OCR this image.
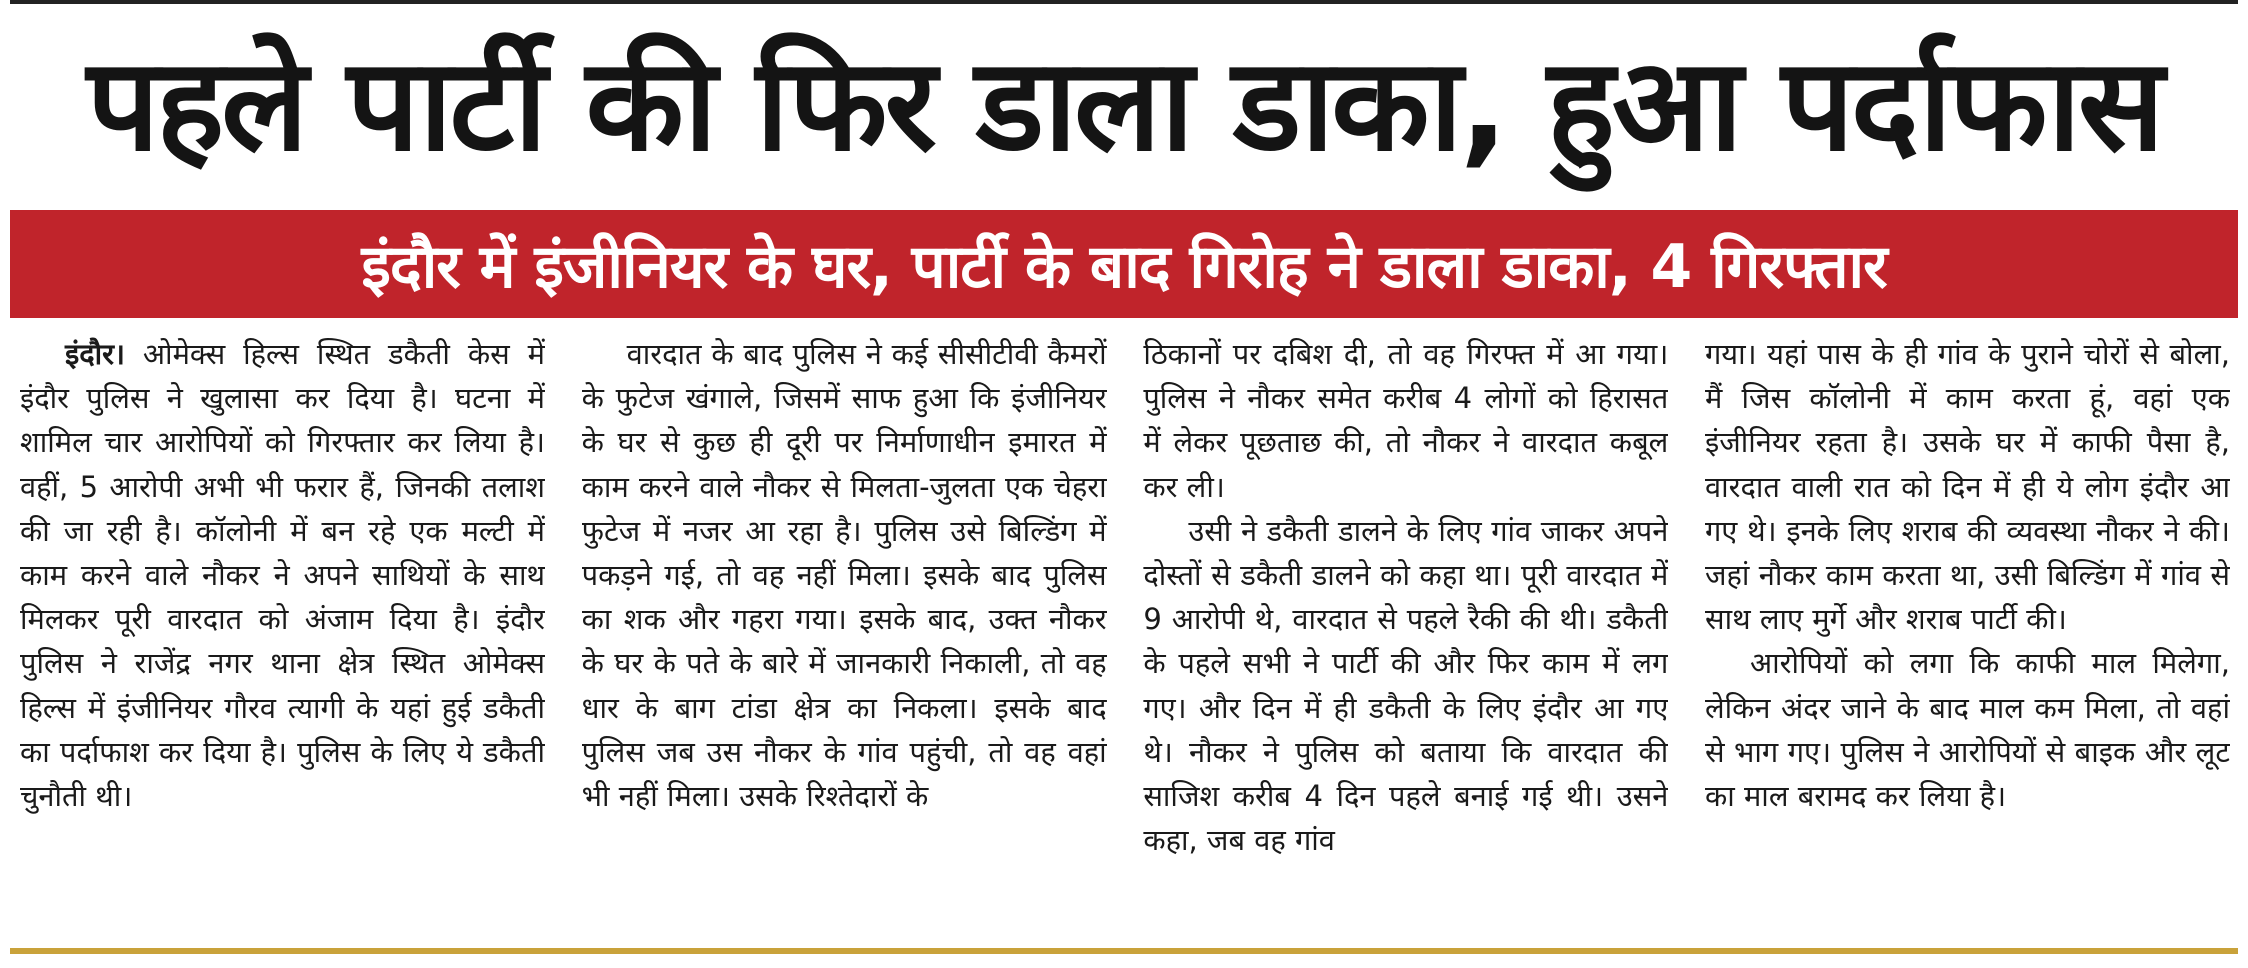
पहले पार्टी की फिर डाला डाका, हुआ पर्दाफास
इंदौर में इंजीनियर के घर, पार्टी के बाद गिरोह ने डाला डाका, 4 गिरफ्तार

इंदौर। ओमेक्स हिल्स स्थित डकैती केस में इंदौर पुलिस ने खुलासा कर दिया है। घटना में शामिल चार आरोपियों को गिरफ्तार कर लिया है। वहीं, 5 आरोपी अभी भी फरार हैं, जिनकी तलाश की जा रही है। कॉलोनी में बन रहे एक मल्टी में काम करने वाले नौकर ने अपने साथियों के साथ मिलकर पूरी वारदात को अंजाम दिया है। इंदौर पुलिस ने राजेंद्र नगर थाना क्षेत्र स्थित ओमेक्स हिल्स में इंजीनियर गौरव त्यागी के यहां हुई डकैती का पर्दाफाश कर दिया है। पुलिस के लिए ये डकैती चुनौती थी।

वारदात के बाद पुलिस ने कई सीसीटीवी कैमरों के फुटेज खंगाले, जिसमें साफ हुआ कि इंजीनियर के घर से कुछ ही दूरी पर निर्माणाधीन इमारत में काम करने वाले नौकर से मिलता-जुलता एक चेहरा फुटेज में नजर आ रहा है। पुलिस उसे बिल्डिंग में पकड़ने गई, तो वह नहीं मिला। इसके बाद पुलिस का शक और गहरा गया। इसके बाद, उक्त नौकर के घर के पते के बारे में जानकारी निकाली, तो वह धार के बाग टांडा क्षेत्र का निकला। इसके बाद पुलिस जब उस नौकर के गांव पहुंची, तो वह वहां भी नहीं मिला। उसके रिश्तेदारों के

ठिकानों पर दबिश दी, तो वह गिरफ्त में आ गया। पुलिस ने नौकर समेत करीब 4 लोगों को हिरासत में लेकर पूछताछ की, तो नौकर ने वारदात कबूल कर ली।

उसी ने डकैती डालने के लिए गांव जाकर अपने दोस्तों से डकैती डालने को कहा था। पूरी वारदात में 9 आरोपी थे, वारदात से पहले रैकी की थी। डकैती के पहले सभी ने पार्टी की और फिर काम में लग गए। और दिन में ही डकैती के लिए इंदौर आ गए थे। नौकर ने पुलिस को बताया कि वारदात की साजिश करीब 4 दिन पहले बनाई गई थी। उसने कहा, जब वह गांव

गया। यहां पास के ही गांव के पुराने चोरों से बोला, मैं जिस कॉलोनी में काम करता हूं, वहां एक इंजीनियर रहता है। उसके घर में काफी पैसा है, वारदात वाली रात को दिन में ही ये लोग इंदौर आ गए थे। इनके लिए शराब की व्यवस्था नौकर ने की। जहां नौकर काम करता था, उसी बिल्डिंग में गांव से साथ लाए मुर्गे और शराब पार्टी की।

आरोपियों को लगा कि काफी माल मिलेगा, लेकिन अंदर जाने के बाद माल कम मिला, तो वहां से भाग गए। पुलिस ने आरोपियों से बाइक और लूट का माल बरामद कर लिया है।
